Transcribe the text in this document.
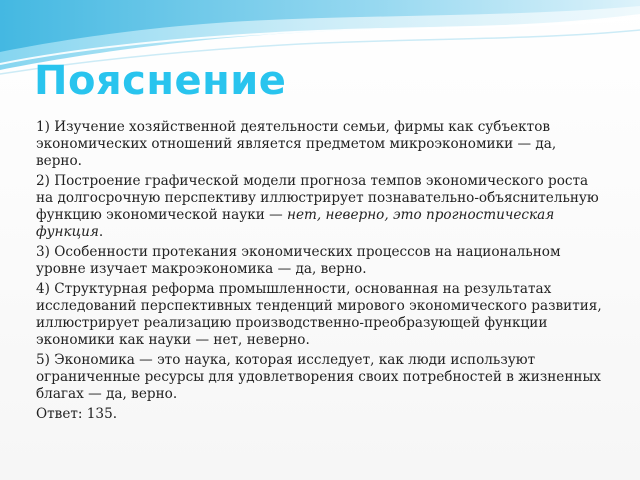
Пояснение

1) Изучение хозяйственной деятельности семьи, фирмы как субъектов экономических отношений является предметом микроэкономики — да, верно.

2) Построение графической модели прогноза темпов экономического роста на долгосрочную перспективу иллюстрирует познавательно-объяснительную функцию экономической науки — нет, неверно, это прогностическая функция.

3) Особенности протекания экономических процессов на национальном уровне изучает макроэкономика — да, верно.

4) Структурная реформа промышленности, основанная на результатах исследований перспективных тенденций мирового экономического развития, иллюстрирует реализацию производственно-преобразующей функции экономики как науки — нет, неверно.

5) Экономика — это наука, которая исследует, как люди используют ограниченные ресурсы для удовлетворения своих потребностей в жизненных благах — да, верно.

Ответ: 135.
